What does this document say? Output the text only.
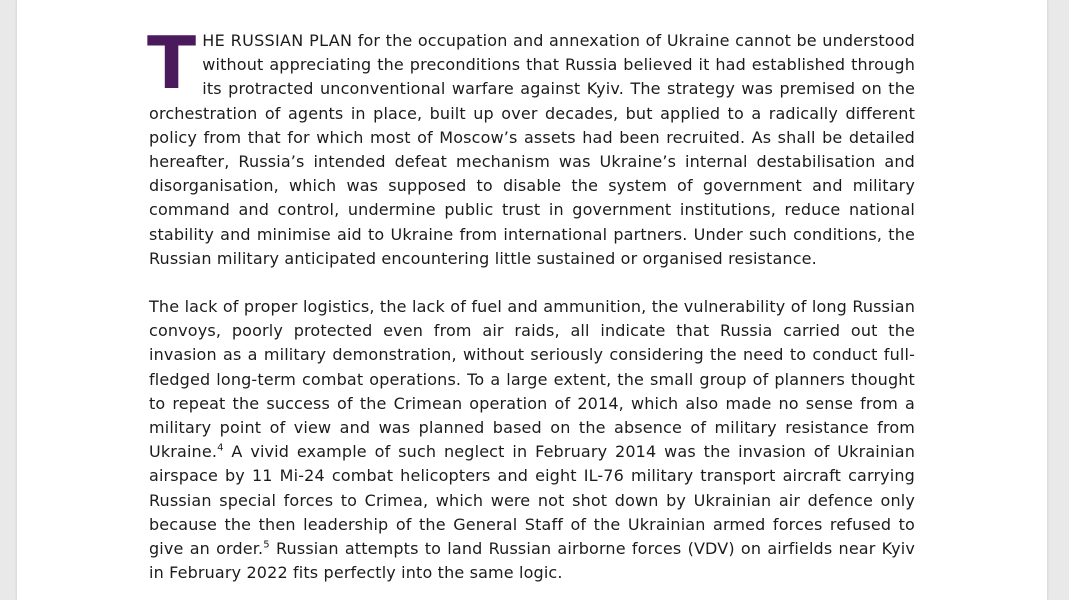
THE RUSSIAN PLAN for the occupation and annexation of Ukraine cannot be understood without appreciating the preconditions that Russia believed it had established through its protracted unconventional warfare against Kyiv. The strategy was premised on the orchestration of agents in place, built up over decades, but applied to a radically different policy from that for which most of Moscow’s assets had been recruited. As shall be detailed hereafter, Russia’s intended defeat mechanism was Ukraine’s internal destabilisation and disorganisation, which was supposed to disable the system of government and military command and control, undermine public trust in government institutions, reduce national stability and minimise aid to Ukraine from international partners. Under such conditions, the Russian military anticipated encountering little sustained or organised resistance.

The lack of proper logistics, the lack of fuel and ammunition, the vulnerability of long Russian convoys, poorly protected even from air raids, all indicate that Russia carried out the invasion as a military demonstration, without seriously considering the need to conduct full-fledged long-term combat operations. To a large extent, the small group of planners thought to repeat the success of the Crimean operation of 2014, which also made no sense from a military point of view and was planned based on the absence of military resistance from Ukraine.$^4$ A vivid example of such neglect in February 2014 was the invasion of Ukrainian airspace by 11 Mi-24 combat helicopters and eight IL-76 military transport aircraft carrying Russian special forces to Crimea, which were not shot down by Ukrainian air defence only because the then leadership of the General Staff of the Ukrainian armed forces refused to give an order.$^5$ Russian attempts to land Russian airborne forces (VDV) on airfields near Kyiv in February 2022 fits perfectly into the same logic.
